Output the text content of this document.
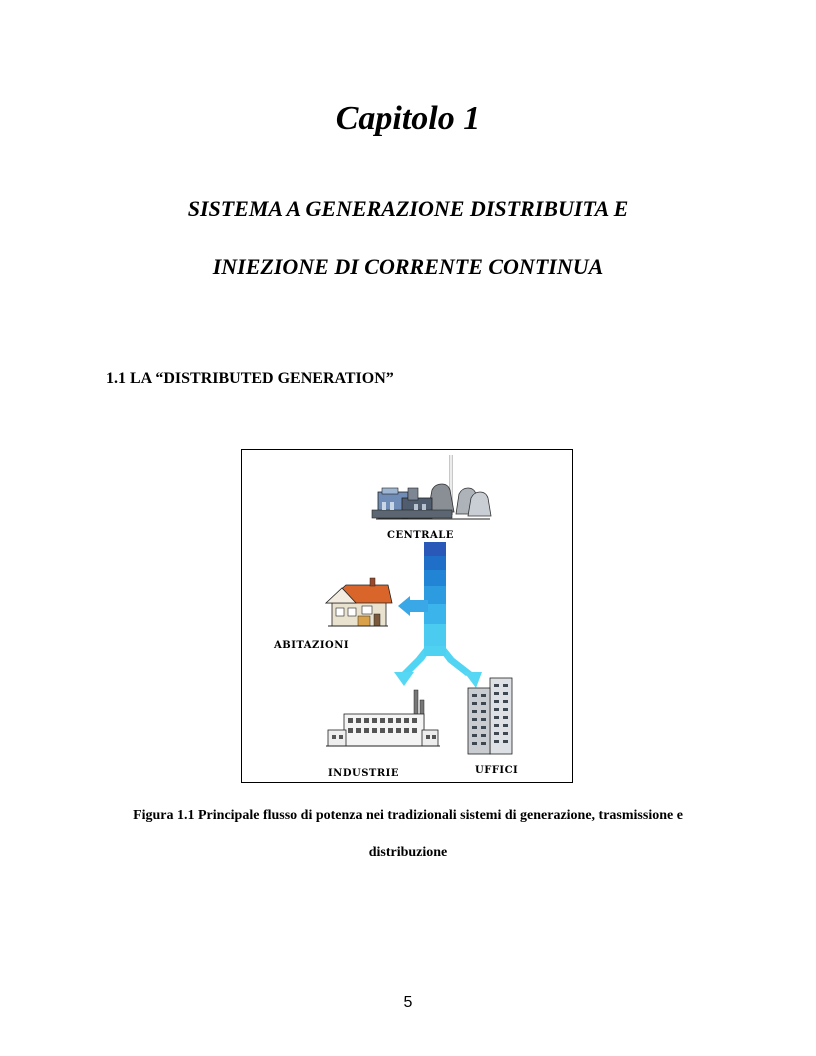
Capitolo 1
SISTEMA A GENERAZIONE DISTRIBUITA E
INIEZIONE DI CORRENTE CONTINUA
1.1 LA “DISTRIBUTED GENERATION”
CENTRALE
ABITAZIONI
INDUSTRIE	UFFICI
Figura 1.1 Principale flusso di potenza nei tradizionali sistemi di generazione, trasmissione e
distribuzione
5
